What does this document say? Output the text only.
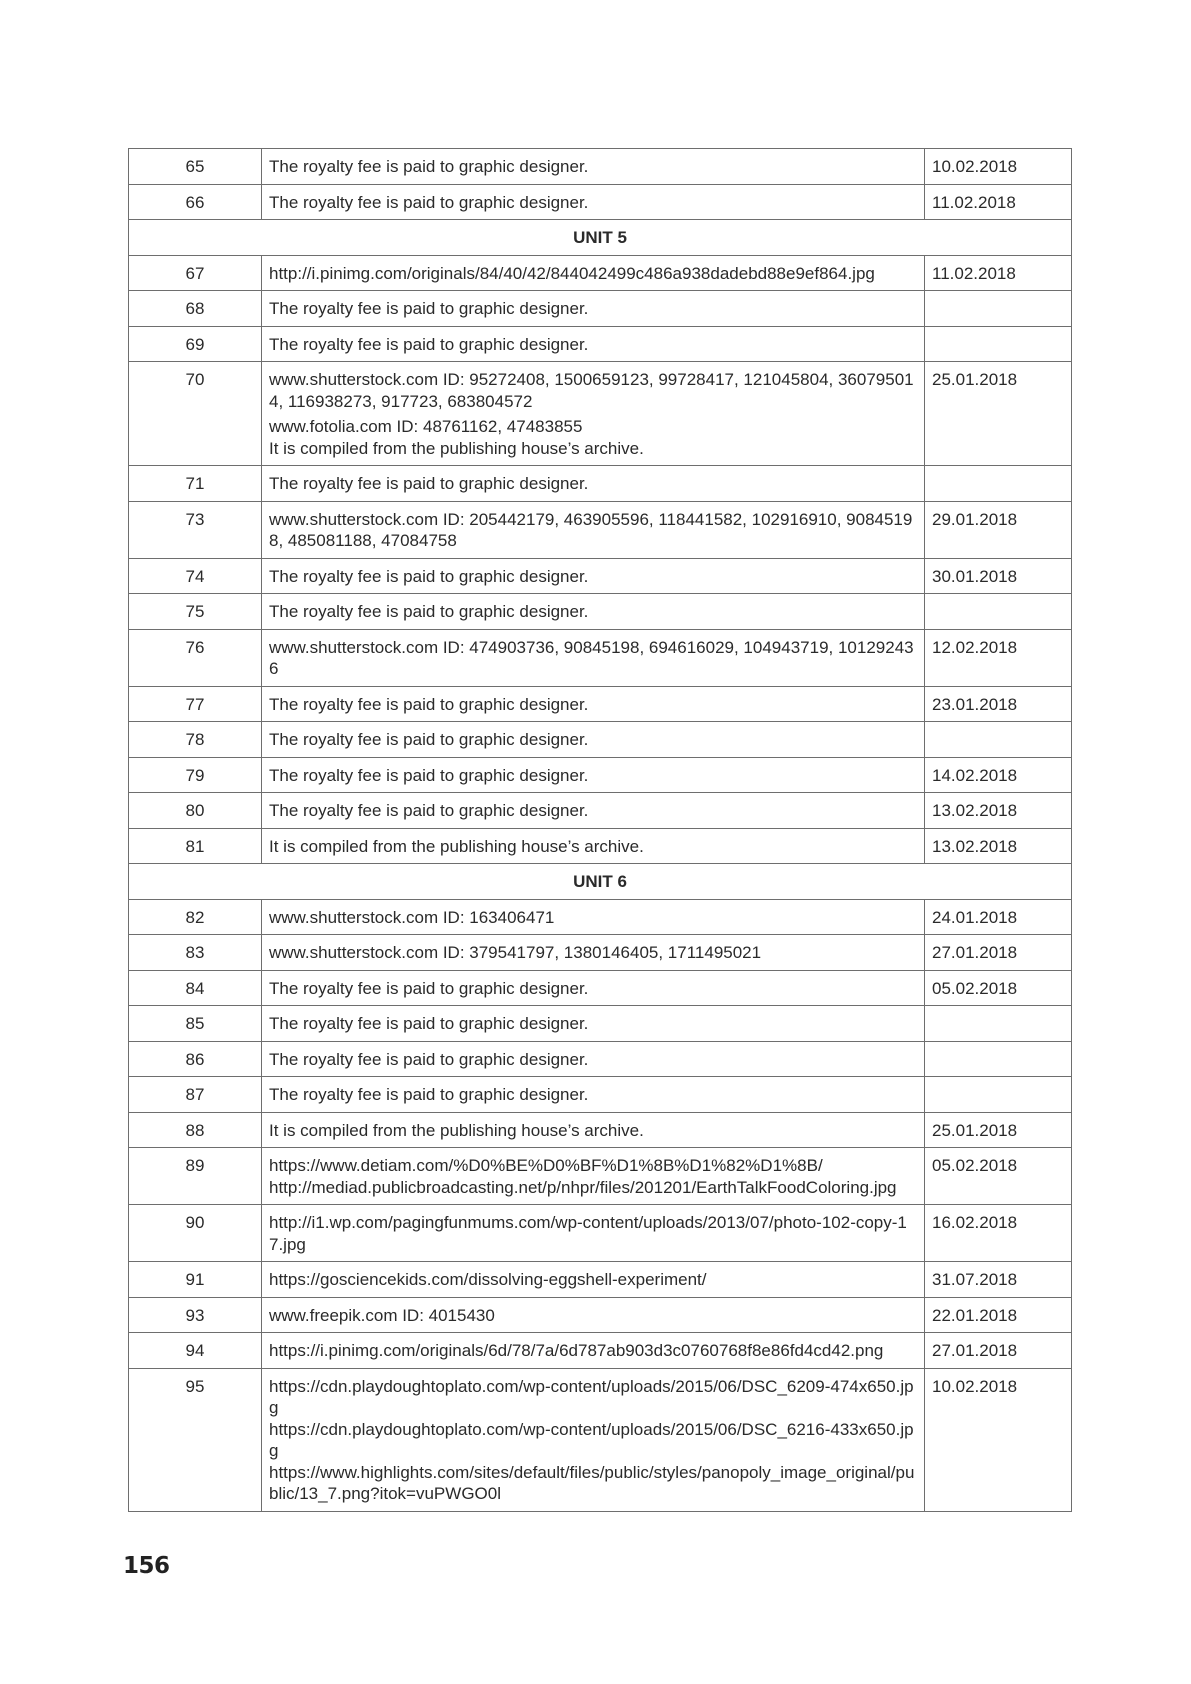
65	The royalty fee is paid to graphic designer.	10.02.2018
66	The royalty fee is paid to graphic designer.	11.02.2018
UNIT 5		
67	http://i.pinimg.com/originals/84/40/42/844042499c486a938dadebd88e9ef864.jpg	11.02.2018
68	The royalty fee is paid to graphic designer.	

69	The royalty fee is paid to graphic designer.	

70	www.shutterstock.com ID: 95272408, 1500659123, 99728417, 121045804, 360795014, 116938273, 917723, 683804572
www.fotolia.com ID: 48761162, 47483855
It is compiled from the publishing house’s archive.	25.01.2018
71	The royalty fee is paid to graphic designer.	

73	www.shutterstock.com ID: 205442179, 463905596, 118441582, 102916910, 90845198, 485081188, 47084758	29.01.2018
74	The royalty fee is paid to graphic designer.	30.01.2018
75	The royalty fee is paid to graphic designer.	

76	www.shutterstock.com ID: 474903736, 90845198, 694616029, 104943719, 101292436	12.02.2018
77	The royalty fee is paid to graphic designer.	23.01.2018
78	The royalty fee is paid to graphic designer.	

79	The royalty fee is paid to graphic designer.	14.02.2018
80	The royalty fee is paid to graphic designer.	13.02.2018
81	It is compiled from the publishing house’s archive.	13.02.2018
UNIT 6		
82	www.shutterstock.com ID: 163406471	24.01.2018
83	www.shutterstock.com ID: 379541797, 1380146405, 1711495021	27.01.2018
84	The royalty fee is paid to graphic designer.	05.02.2018
85	The royalty fee is paid to graphic designer.	

86	The royalty fee is paid to graphic designer.	

87	The royalty fee is paid to graphic designer.	

88	It is compiled from the publishing house’s archive.	25.01.2018
89	https://www.detiam.com/%D0%BE%D0%BF%D1%8B%D1%82%D1%8B/
http://mediad.publicbroadcasting.net/p/nhpr/files/201201/EarthTalkFoodColoring.jpg	05.02.2018
90	http://i1.wp.com/pagingfunmums.com/wp-content/uploads/2013/07/photo-102-copy-17.jpg	16.02.2018
91	https://gosciencekids.com/dissolving-eggshell-experiment/	31.07.2018
93	www.freepik.com ID: 4015430	22.01.2018
94	https://i.pinimg.com/originals/6d/78/7a/6d787ab903d3c0760768f8e86fd4cd42.png	27.01.2018
95	https://cdn.playdoughtoplato.com/wp-content/uploads/2015/06/DSC_6209-474x650.jpg
https://cdn.playdoughtoplato.com/wp-content/uploads/2015/06/DSC_6216-433x650.jpg
https://www.highlights.com/sites/default/files/public/styles/panopoly_image_original/public/13_7.png?itok=vuPWGO0l	10.02.2018
156
